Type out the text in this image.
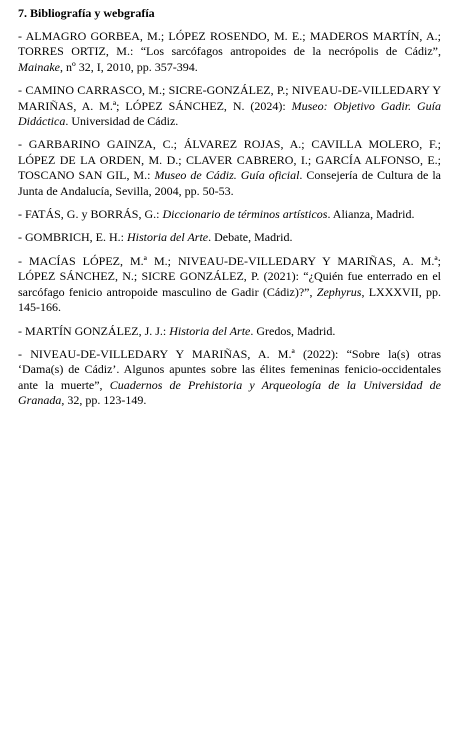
7. Bibliografía y webgrafía
- ALMAGRO GORBEA, M.; LÓPEZ ROSENDO, M. E.; MADEROS MARTÍN, A.; TORRES ORTIZ, M.: “Los sarcófagos antropoides de la necrópolis de Cádiz”, Mainake, nº 32, I, 2010, pp. 357-394.
- CAMINO CARRASCO, M.; SICRE-GONZÁLEZ, P.; NIVEAU-DE-VILLEDARY Y MARIÑAS, A. M.ª; LÓPEZ SÁNCHEZ, N. (2024): Museo: Objetivo Gadir. Guía Didáctica. Universidad de Cádiz.
- GARBARINO GAINZA, C.; ÁLVAREZ ROJAS, A.; CAVILLA MOLERO, F.; LÓPEZ DE LA ORDEN, M. D.; CLAVER CABRERO, I.; GARCÍA ALFONSO, E.; TOSCANO SAN GIL, M.: Museo de Cádiz. Guía oficial. Consejería de Cultura de la Junta de Andalucía, Sevilla, 2004, pp. 50-53.
- FATÁS, G. y BORRÁS, G.: Diccionario de términos artísticos. Alianza, Madrid.
- GOMBRICH, E. H.: Historia del Arte. Debate, Madrid.
- MACÍAS LÓPEZ, M.ª M.; NIVEAU-DE-VILLEDARY Y MARIÑAS, A. M.ª; LÓPEZ SÁNCHEZ, N.; SICRE GONZÁLEZ, P. (2021): “¿Quién fue enterrado en el sarcófago fenicio antropoide masculino de Gadir (Cádiz)?”, Zephyrus, LXXXVII, pp. 145-166.
- MARTÍN GONZÁLEZ, J. J.: Historia del Arte. Gredos, Madrid.
- NIVEAU-DE-VILLEDARY Y MARIÑAS, A. M.ª (2022): “Sobre la(s) otras ‘Dama(s) de Cádiz’. Algunos apuntes sobre las élites femeninas fenicio-occidentales ante la muerte”, Cuadernos de Prehistoria y Arqueología de la Universidad de Granada, 32, pp. 123-149.
